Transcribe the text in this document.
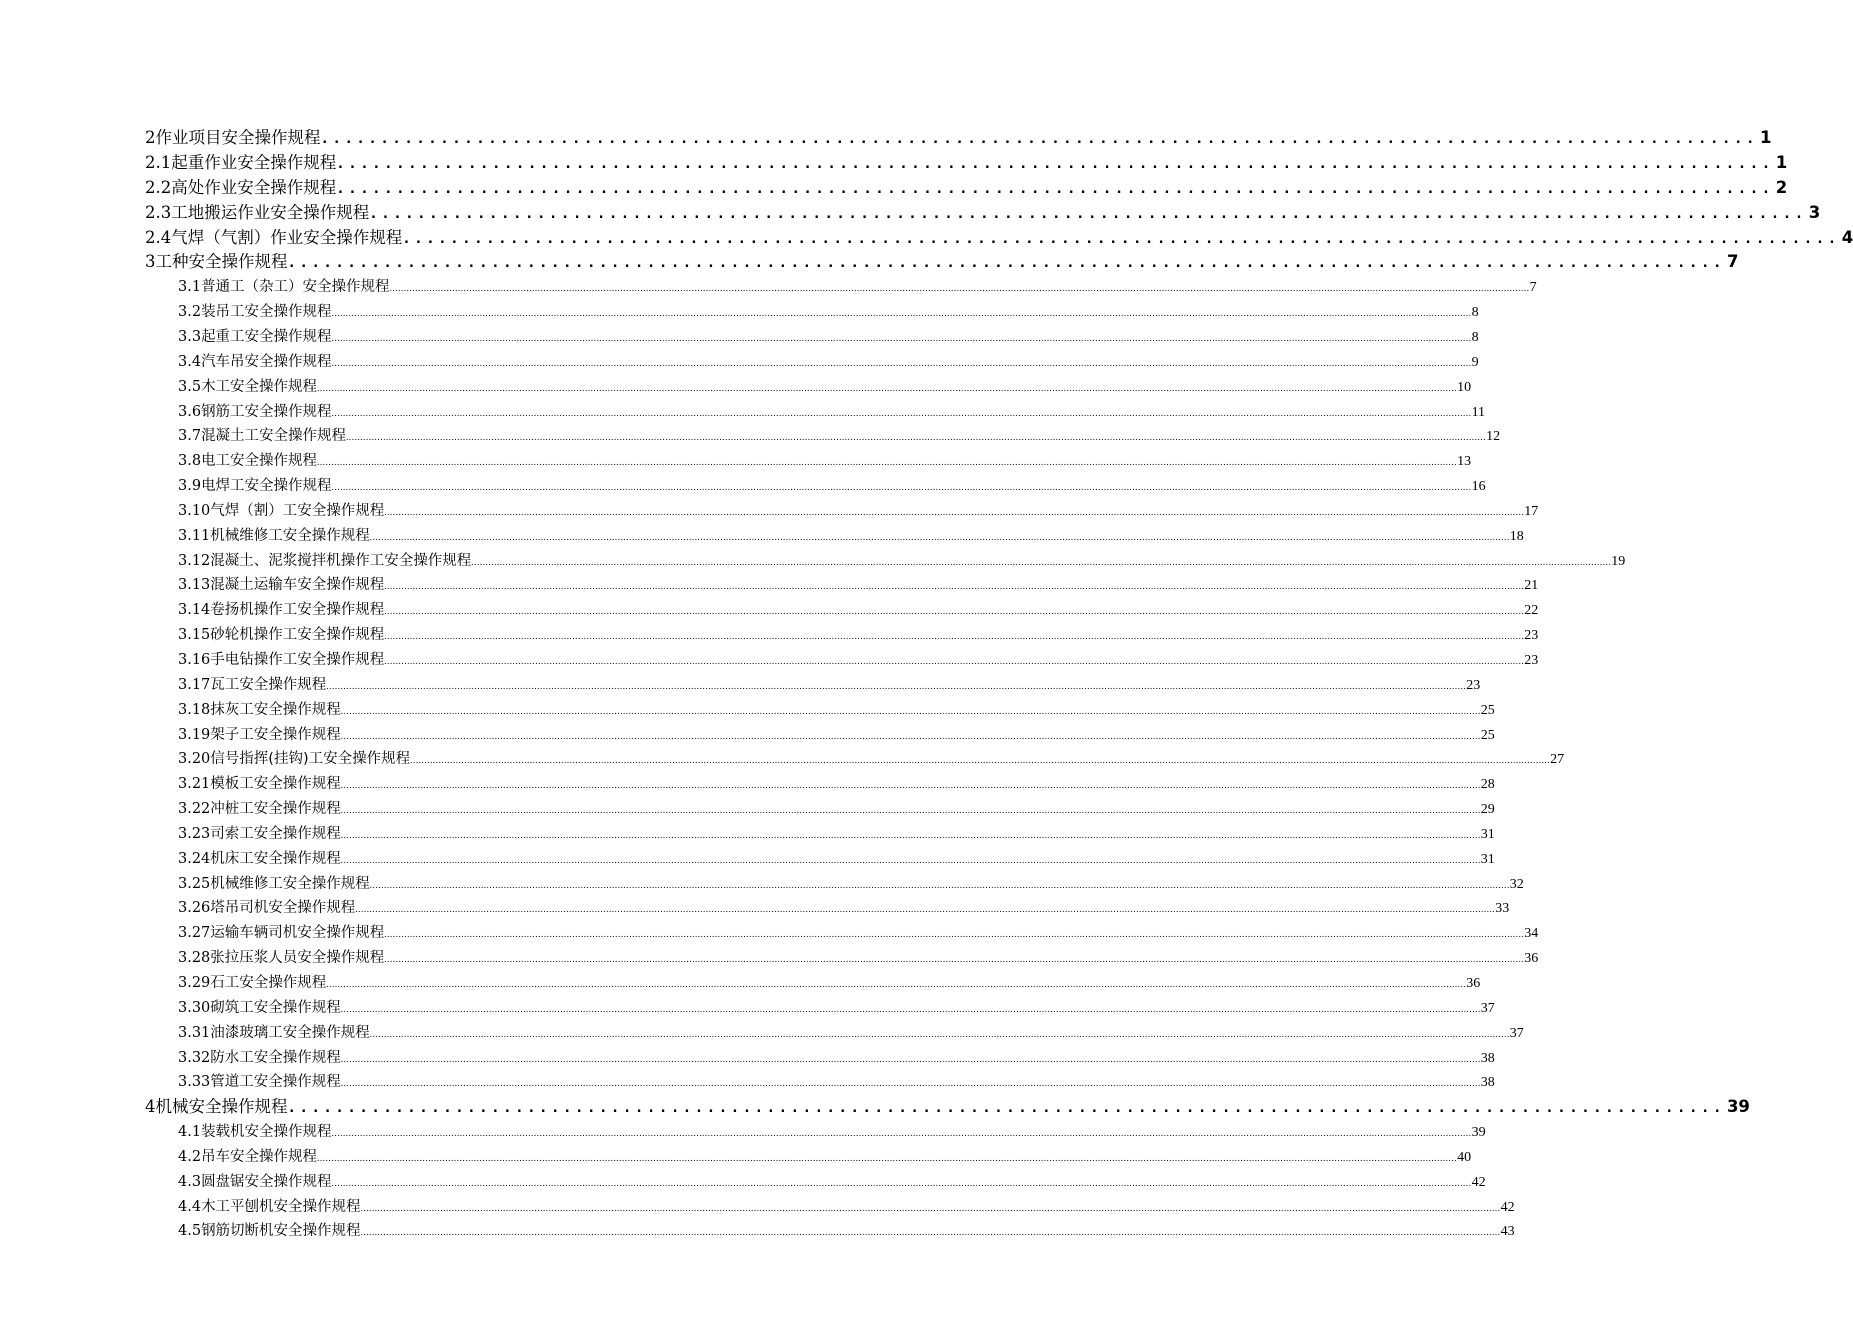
2 作业项目安全操作规程 ........................................................................................................................ 1
2.1 起重作业安全操作规程 ........................................................................................................................ 1
2.2 高处作业安全操作规程 ........................................................................................................................ 2
2.3 工地搬运作业安全操作规程 ........................................................................................................................ 3
2.4 气焊（气割）作业安全操作规程 ........................................................................................................................ 4
3 工种安全操作规程 ........................................................................................................................ 7
3.1 普通工（杂工）安全操作规程 ................................................................................................................................................................................................................................................................................................................................................................................................................ 7
3.2 装吊工安全操作规程 ................................................................................................................................................................................................................................................................................................................................................................................................................ 8
3.3 起重工安全操作规程 ................................................................................................................................................................................................................................................................................................................................................................................................................ 8
3.4 汽车吊安全操作规程 ................................................................................................................................................................................................................................................................................................................................................................................................................ 9
3.5 木工安全操作规程 ................................................................................................................................................................................................................................................................................................................................................................................................................ 10
3.6 钢筋工安全操作规程 ................................................................................................................................................................................................................................................................................................................................................................................................................ 11
3.7 混凝土工安全操作规程 ................................................................................................................................................................................................................................................................................................................................................................................................................ 12
3.8 电工安全操作规程 ................................................................................................................................................................................................................................................................................................................................................................................................................ 13
3.9 电焊工安全操作规程 ................................................................................................................................................................................................................................................................................................................................................................................................................ 16
3.10 气焊（割）工安全操作规程 ................................................................................................................................................................................................................................................................................................................................................................................................................ 17
3.11 机械维修工安全操作规程 ................................................................................................................................................................................................................................................................................................................................................................................................................ 18
3.12 混凝土、泥浆搅拌机操作工安全操作规程 ................................................................................................................................................................................................................................................................................................................................................................................................................ 19
3.13 混凝土运输车安全操作规程 ................................................................................................................................................................................................................................................................................................................................................................................................................ 21
3.14 卷扬机操作工安全操作规程 ................................................................................................................................................................................................................................................................................................................................................................................................................ 22
3.15 砂轮机操作工安全操作规程 ................................................................................................................................................................................................................................................................................................................................................................................................................ 23
3.16 手电钻操作工安全操作规程 ................................................................................................................................................................................................................................................................................................................................................................................................................ 23
3.17 瓦工安全操作规程 ................................................................................................................................................................................................................................................................................................................................................................................................................ 23
3.18 抹灰工安全操作规程 ................................................................................................................................................................................................................................................................................................................................................................................................................ 25
3.19 架子工安全操作规程 ................................................................................................................................................................................................................................................................................................................................................................................................................ 25
3.20 信号指挥(挂钩)工安全操作规程 ................................................................................................................................................................................................................................................................................................................................................................................................................ 27
3.21 模板工安全操作规程 ................................................................................................................................................................................................................................................................................................................................................................................................................ 28
3.22 冲桩工安全操作规程 ................................................................................................................................................................................................................................................................................................................................................................................................................ 29
3.23 司索工安全操作规程 ................................................................................................................................................................................................................................................................................................................................................................................................................ 31
3.24 机床工安全操作规程 ................................................................................................................................................................................................................................................................................................................................................................................................................ 31
3.25 机械维修工安全操作规程 ................................................................................................................................................................................................................................................................................................................................................................................................................ 32
3.26 塔吊司机安全操作规程 ................................................................................................................................................................................................................................................................................................................................................................................................................ 33
3.27 运输车辆司机安全操作规程 ................................................................................................................................................................................................................................................................................................................................................................................................................ 34
3.28 张拉压浆人员安全操作规程 ................................................................................................................................................................................................................................................................................................................................................................................................................ 36
3.29 石工安全操作规程 ................................................................................................................................................................................................................................................................................................................................................................................................................ 36
3.30 砌筑工安全操作规程 ................................................................................................................................................................................................................................................................................................................................................................................................................ 37
3.31 油漆玻璃工安全操作规程 ................................................................................................................................................................................................................................................................................................................................................................................................................ 37
3.32 防水工安全操作规程 ................................................................................................................................................................................................................................................................................................................................................................................................................ 38
3.33 管道工安全操作规程 ................................................................................................................................................................................................................................................................................................................................................................................................................ 38
4 机械安全操作规程 ........................................................................................................................ 39
4.1 装载机安全操作规程 ................................................................................................................................................................................................................................................................................................................................................................................................................ 39
4.2 吊车安全操作规程 ................................................................................................................................................................................................................................................................................................................................................................................................................ 40
4.3 圆盘锯安全操作规程 ................................................................................................................................................................................................................................................................................................................................................................................................................ 42
4.4 木工平刨机安全操作规程 ................................................................................................................................................................................................................................................................................................................................................................................................................ 42
4.5 钢筋切断机安全操作规程 ................................................................................................................................................................................................................................................................................................................................................................................................................ 43
